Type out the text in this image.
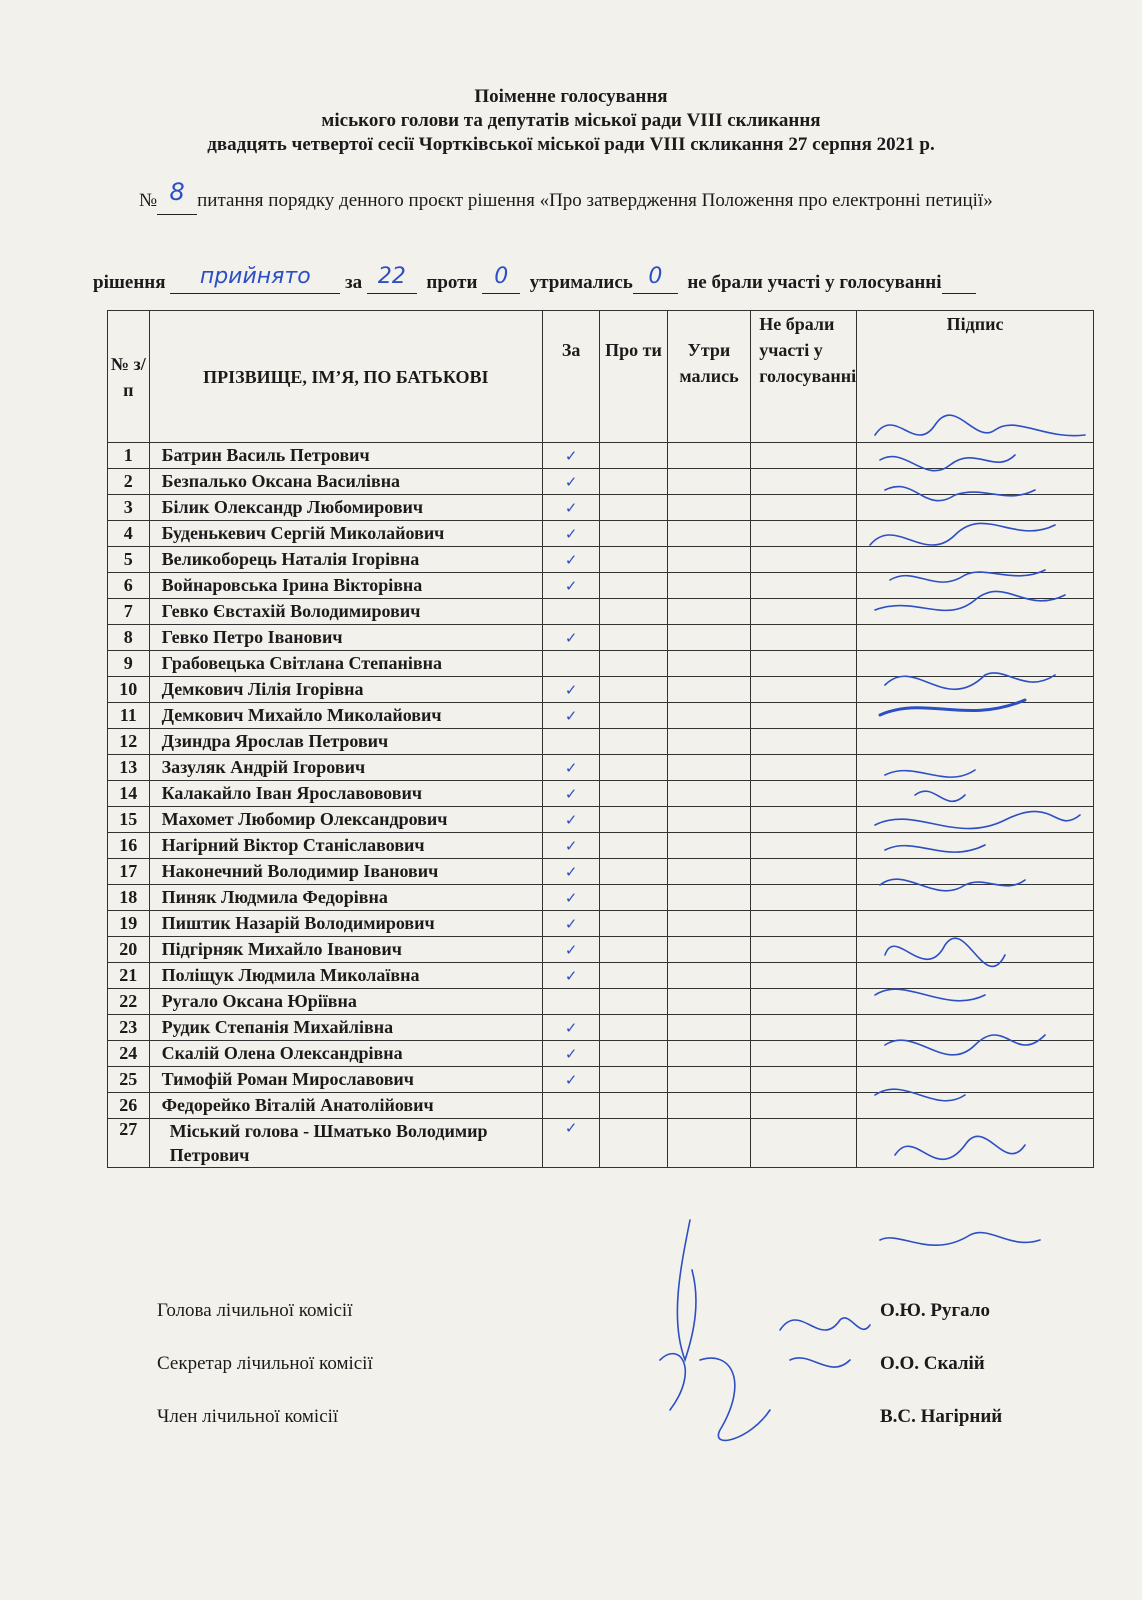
Поіменне голосування
міського голови та депутатів міської ради VIII скликання
двадцять четвертої сесії Чортківської міської ради VIII скликання 27 серпня 2021 р.
№ 8 питання порядку денного проєкт рішення «Про затвердження Положення про електронні петиції»
рішення прийнято за 22 проти 0 утримались 0 не брали участі у голосуванні
№ з/п	ПРІЗВИЩЕ, ІМ’Я, ПО БАТЬКОВІ	За	Про ти	Утри мались	Не брали участі у голосуванні	Підпис
1	Батрин Василь Петрович	✓				
2	Безпалько Оксана Василівна	✓				
3	Білик Олександр Любомирович	✓				
4	Буденькевич Сергій Миколайович	✓				
5	Великоборець Наталія Ігорівна	✓				
6	Войнаровська Ірина Вікторівна	✓				
7	Гевко Євстахій Володимирович					
8	Гевко Петро Іванович	✓				
9	Грабовецька Світлана Степанівна					
10	Демкович Лілія Ігорівна	✓				
11	Демкович Михайло Миколайович	✓				
12	Дзиндра Ярослав Петрович					
13	Зазуляк Андрій Ігорович	✓				
14	Калакайло Іван Ярославовович	✓				
15	Махомет Любомир Олександрович	✓				
16	Нагірний Віктор Станіславович	✓				
17	Наконечний Володимир Іванович	✓				
18	Пиняк Людмила Федорівна	✓				
19	Пиштик Назарій Володимирович	✓				
20	Підгірняк Михайло Іванович	✓				
21	Поліщук Людмила Миколаївна	✓				
22	Ругало Оксана Юріївна					
23	Рудик Степанія Михайлівна	✓				
24	Скалій Олена Олександрівна	✓				
25	Тимофій Роман Мирославович	✓				
26	Федорейко Віталій Анатолійович					
27	Міський голова - Шматько Володимир Петрович	✓				
Голова лічильної комісії	О.Ю. Ругало
Секретар лічильної комісії	О.О. Скалій
Член лічильної комісії	В.С. Нагірний
